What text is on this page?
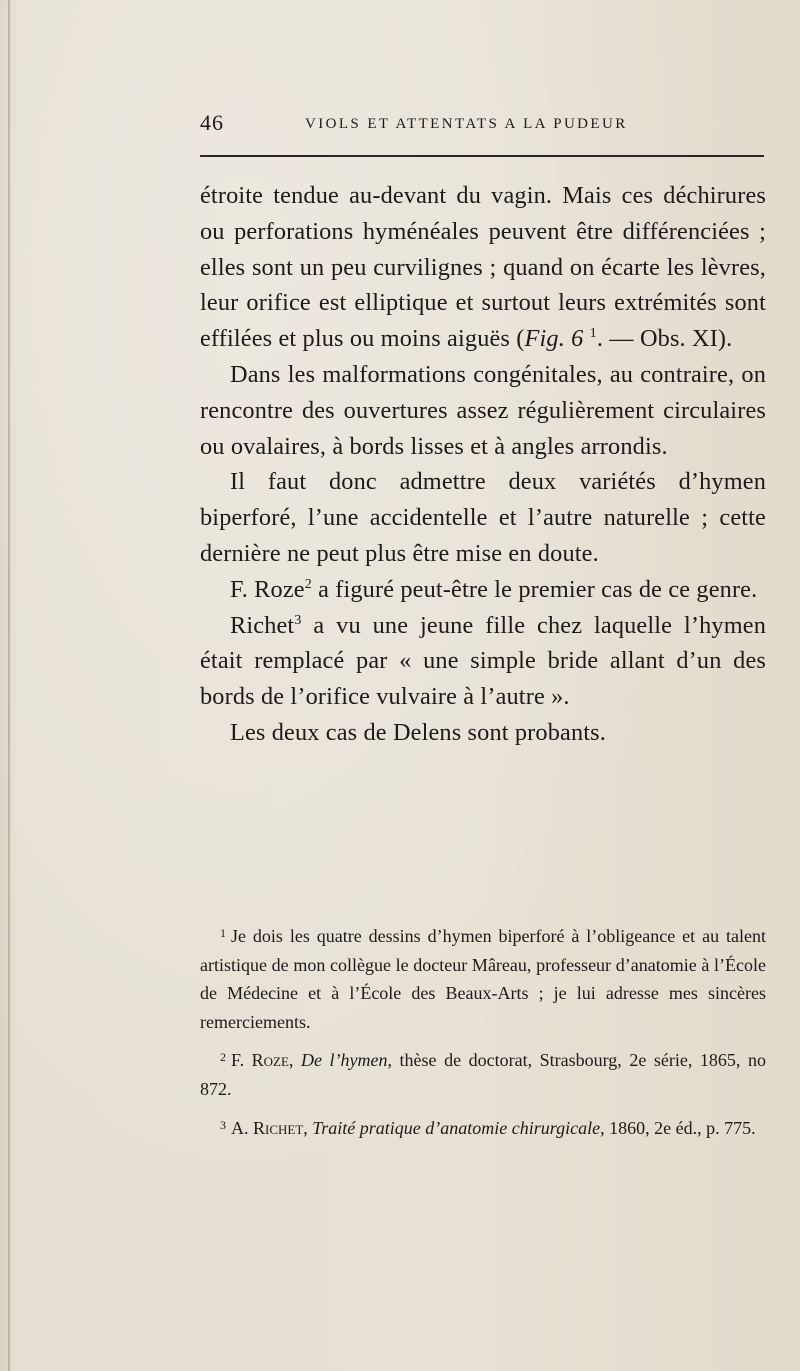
46	VIOLS ET ATTENTATS A LA PUDEUR

étroite tendue au-devant du vagin. Mais ces déchirures ou perforations hyménéales peuvent être différenciées ; elles sont un peu curvilignes ; quand on écarte les lèvres, leur orifice est elliptique et surtout leurs extrémités sont effilées et plus ou moins aiguës (Fig. 6 $^1$. — Obs. XI).

Dans les malformations congénitales, au contraire, on rencontre des ouvertures assez régulièrement circulaires ou ovalaires, à bords lisses et à angles arrondis.

Il faut donc admettre deux variétés d’hymen biperforé, l’une accidentelle et l’autre naturelle ; cette dernière ne peut plus être mise en doute.

F. Roze$^2$ a figuré peut-être le premier cas de ce genre.

Richet$^3$ a vu une jeune fille chez laquelle l’hymen était remplacé par « une simple bride allant d’un des bords de l’orifice vulvaire à l’autre ».

Les deux cas de Delens sont probants.

$^1$ Je dois les quatre dessins d’hymen biperforé à l’obligeance et au talent artistique de mon collègue le docteur Mâreau, professeur d’anatomie à l’École de Médecine et à l’École des Beaux-Arts ; je lui adresse mes sincères remerciements.

$^2$ F. Roze, De l’hymen, thèse de doctorat, Strasbourg, 2e série, 1865, no 872.

$^3$ A. Richet, Traité pratique d’anatomie chirurgicale, 1860, 2e éd., p. 775.
